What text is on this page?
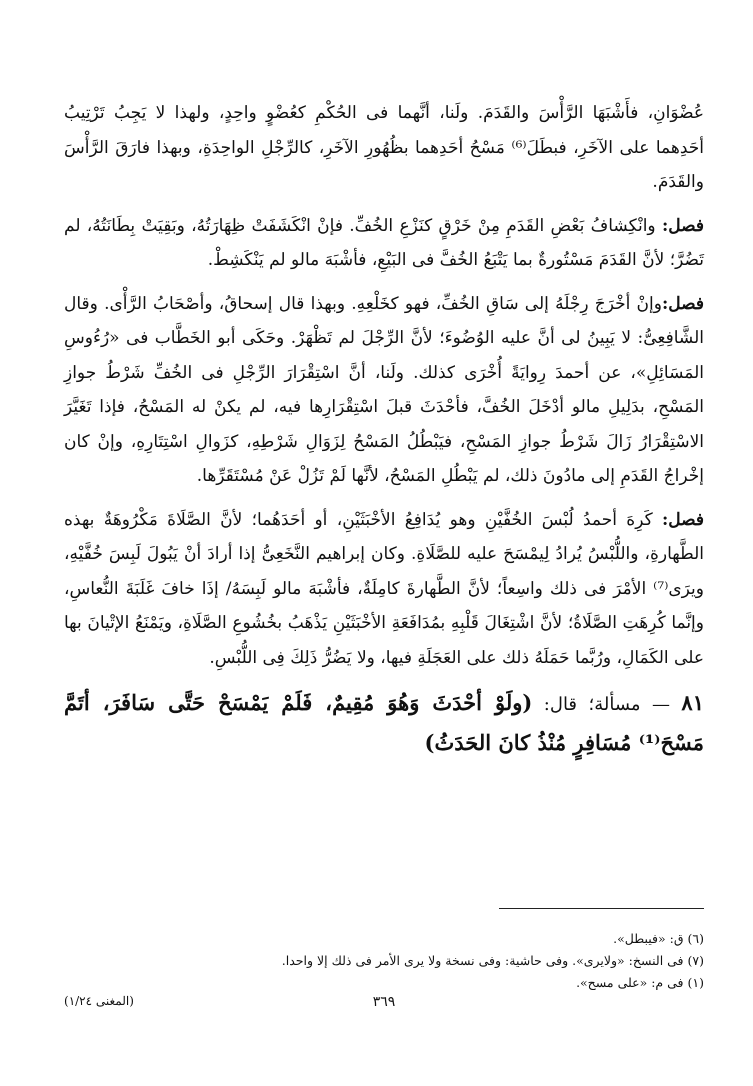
عُضْوَانِ، فأَشْبَهَا الرَّأْسَ والقَدَمَ. ولَنا، أنَّهما فى الحُكْمِ كعُضْوٍ واحِدٍ، ولهذا لا يَجِبُ تَرْتِيبُ أحَدِهما على الآخَرِ، فبطَلَ⁽⁶⁾ مَسْحُ أحَدِهما بظُهُورِ الآخَرِ، كالرِّجْلِ الواحِدَةِ، وبهذا فارَقَ الرَّأْسَ والقَدَمَ.

فصل: وانْكِشافُ بَعْضِ القَدَمِ مِنْ خَرْقٍ كنَزْعِ الخُفِّ. فإنْ انْكَشَفَتْ ظِهَارَتُهُ، وبَقِيَتْ بِطَانَتُهُ، لم تَضُرَّ؛ لأنَّ القَدَمَ مَسْتُورةٌ بما يَتْبَعُ الخُفَّ فى البَيْعِ، فأشْبَهَ مالو لم يَنْكَشِطْ.

فصل:وإنْ أخْرَجَ رِجْلَهُ إلى سَاقِ الخُفِّ، فهو كخَلْعِهِ. وبهذا قال إسحاقُ، وأصْحَابُ الرَّأْى. وقال الشَّافِعِىُّ: لا يَبِينُ لى أنَّ عليه الوُضُوءَ؛ لأنَّ الرِّجْلَ لم تَظْهَرْ. وحَكَى أبو الخَطَّاب فى «رُءُوسِ المَسَائِلِ»، عن أحمدَ رِوايَةً أُخْرَى كذلك. ولَنا، أنَّ اسْتِقْرَارَ الرِّجْلِ فى الخُفِّ شَرْطُ جوازِ المَسْحِ، بدَلِيلِ مالو أدْخَلَ الخُفَّ، فأحْدَثَ قبلَ اسْتِقْرَارِها فيه، لم يكنْ له المَسْحُ، فإذا تَغَيَّرَ الاسْتِقْرَارُ زَالَ شَرْطُ جوازِ المَسْحِ، فيَبْطُلُ المَسْحُ لِزَوَالِ شَرْطِهِ، كزَوالِ اسْتِتَارِهِ، وإنْ كان إخْراجُ القَدَمِ إلى مادُونَ ذلك، لم يَبْطُلِ المَسْحُ، لأنَّها لَمْ تَزُلْ عَنْ مُسْتَقَرِّها.

فصل: كَرِهَ أحمدُ لُبْسَ الخُفَّيْنِ وهو يُدَافِعُ الأخْبَثَيْنِ، أو أحَدَهُما؛ لأنَّ الصَّلَاةَ مَكْرُوهَةٌ بهذه الطَّهارةِ، واللُّبْسُ يُرادُ لِيمْسَحَ عليه للصَّلَاةِ. وكان إبراهيم النَّخَعِىُّ إذا أرادَ أنْ يَبُولَ لَبِسَ خُفَّيْهِ، ويرَى⁽⁷⁾ الأمْرَ فى ذلك واسِعاً؛ لأنَّ الطَّهارةَ كامِلَةٌ، فأشْبَهَ مالو لَبِسَهُ/ إذَا خافَ غَلَبَةَ النُّعاسِ، وإنَّما كُرِهَتِ الصَّلَاةُ؛ لأنَّ اشْتِغَالَ قَلْبِهِ بمُدَافَعَةِ الأخْبَثَيْنِ يَذْهَبُ بخُشُوعِ الصَّلَاةِ، ويَمْنَعُ الإتْيانَ بها على الكَمَالِ، ورُبَّما حَمَلَهُ ذلك على العَجَلَةِ فيها، ولا يَضُرُّ ذَلِكَ فِى اللُّبْسِ.

٨١ — مسألة؛ قال: (ولَوْ أحْدَثَ وَهُوَ مُقِيمٌ، فَلَمْ يَمْسَحْ حَتَّى سَافَرَ، أتَمَّ مَسْحَ⁽¹⁾ مُسَافِرٍ مُنْذُ كانَ الحَدَثُ)

(٦) ق: «فيبطل».

(٧) فى النسخ: «ولايرى». وفى حاشية: وفى نسخة ولا يرى الأمر فى ذلك إلا واحدا.

(١) فى م: «على مسح».

٣٦٩
(المغنى ١/٢٤)
